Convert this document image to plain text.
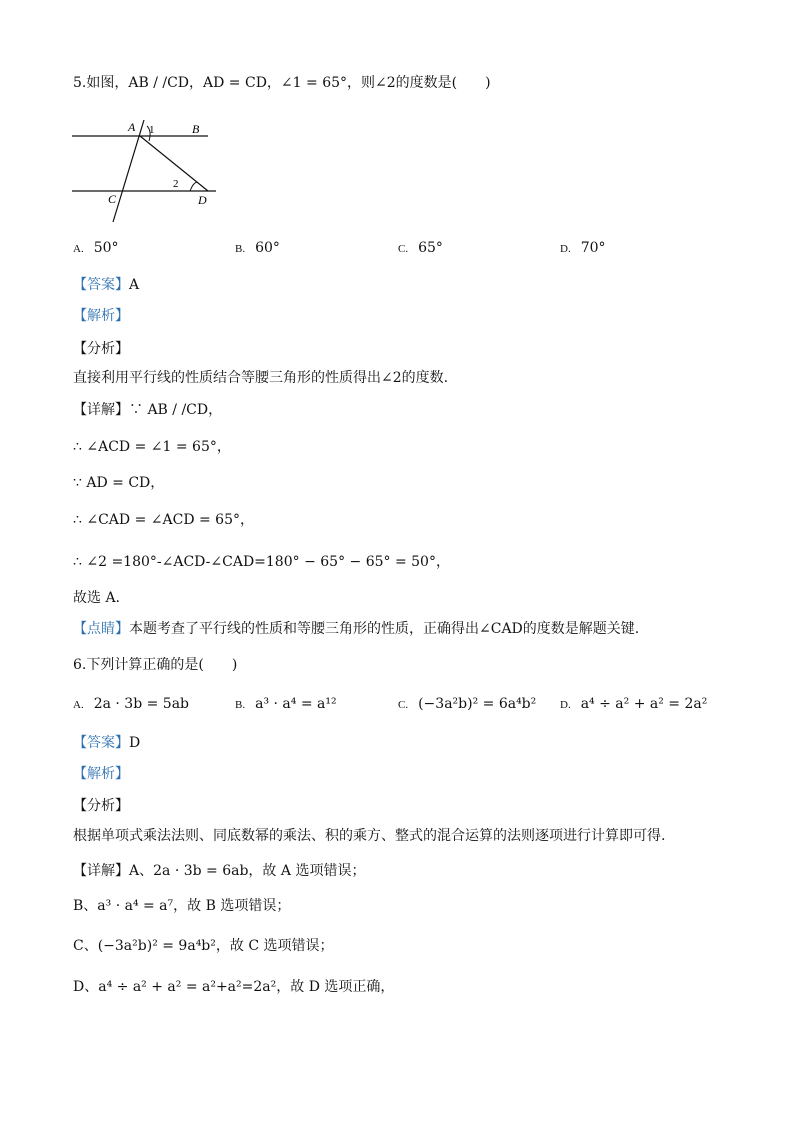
5.如图，AB / /CD，AD = CD，∠1 = 65°，则∠2的度数是(　　)
A 1	B
C
2
D
A. 50°	B. 60°	C. 65°	D. 70°
【答案】A
【解析】
【分析】
直接利用平行线的性质结合等腰三角形的性质得出∠2的度数.
【详解】∵ AB / /CD，
∴ ∠ACD = ∠1 = 65°，
∵ AD = CD，
∴ ∠CAD = ∠ACD = 65°，
∴ ∠2 =180°-∠ACD-∠CAD=180° − 65° − 65° = 50°，
故选 A.
【点睛】本题考查了平行线的性质和等腰三角形的性质，正确得出∠CAD的度数是解题关键.
6.下列计算正确的是(　　)
A. 2a · 3b = 5ab	B. a³ · a⁴ = a¹²	C. (−3a²b)² = 6a⁴b² D. a⁴ ÷ a² + a² = 2a²
【答案】D
【解析】
【分析】
根据单项式乘法法则、同底数幂的乘法、积的乘方、整式的混合运算的法则逐项进行计算即可得.
【详解】A、2a · 3b = 6ab，故 A 选项错误；
B、a³ · a⁴ = a⁷，故 B 选项错误；
C、(−3a²b)² = 9a⁴b²，故 C 选项错误；
D、a⁴ ÷ a² + a² = a²+a²=2a²，故 D 选项正确，
